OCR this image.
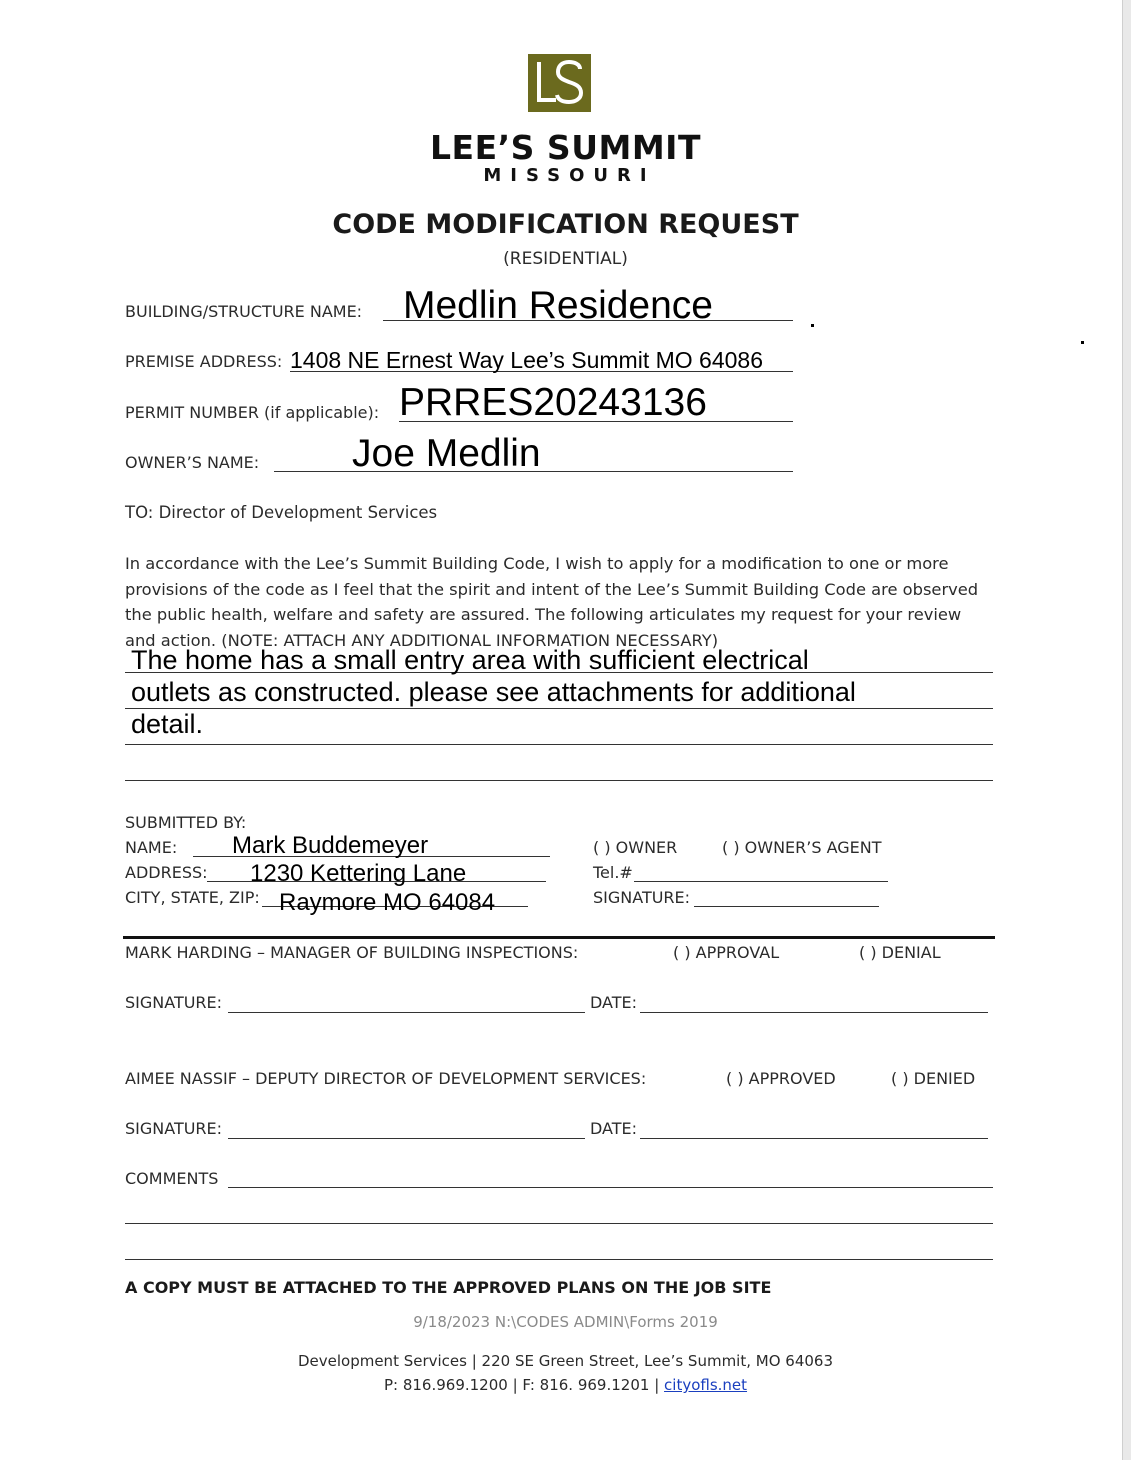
LEE’S SUMMIT
MISSOURI
CODE MODIFICATION REQUEST
(RESIDENTIAL)
BUILDING/STRUCTURE NAME: Medlin Residence
PREMISE ADDRESS: 1408 NE Ernest Way Lee’s Summit MO 64086
PERMIT NUMBER (if applicable): PRRES20243136
OWNER’S NAME: Joe Medlin
TO: Director of Development Services
In accordance with the Lee’s Summit Building Code, I wish to apply for a modification to one or more
provisions of the code as I feel that the spirit and intent of the Lee’s Summit Building Code are observed
the public health, welfare and safety are assured. The following articulates my request for your review
and action. (NOTE: ATTACH ANY ADDITIONAL INFORMATION NECESSARY)
The home has a small entry area with sufficient electrical
outlets as constructed. please see attachments for additional
detail.
SUBMITTED BY:
NAME: Mark Buddemeyer
ADDRESS: 1230 Kettering Lane
CITY, STATE, ZIP: Raymore MO 64084
( ) OWNER	( ) OWNER’S AGENT
Tel.#
SIGNATURE:
MARK HARDING – MANAGER OF BUILDING INSPECTIONS:	( ) APPROVAL	( ) DENIAL
SIGNATURE:	DATE:
AIMEE NASSIF – DEPUTY DIRECTOR OF DEVELOPMENT SERVICES:	( ) APPROVED	( ) DENIED
SIGNATURE:	DATE:
COMMENTS
A COPY MUST BE ATTACHED TO THE APPROVED PLANS ON THE JOB SITE
9/18/2023 N:\CODES ADMIN\Forms 2019
Development Services | 220 SE Green Street, Lee’s Summit, MO 64063
P: 816.969.1200 | F: 816. 969.1201 | cityofls.net
